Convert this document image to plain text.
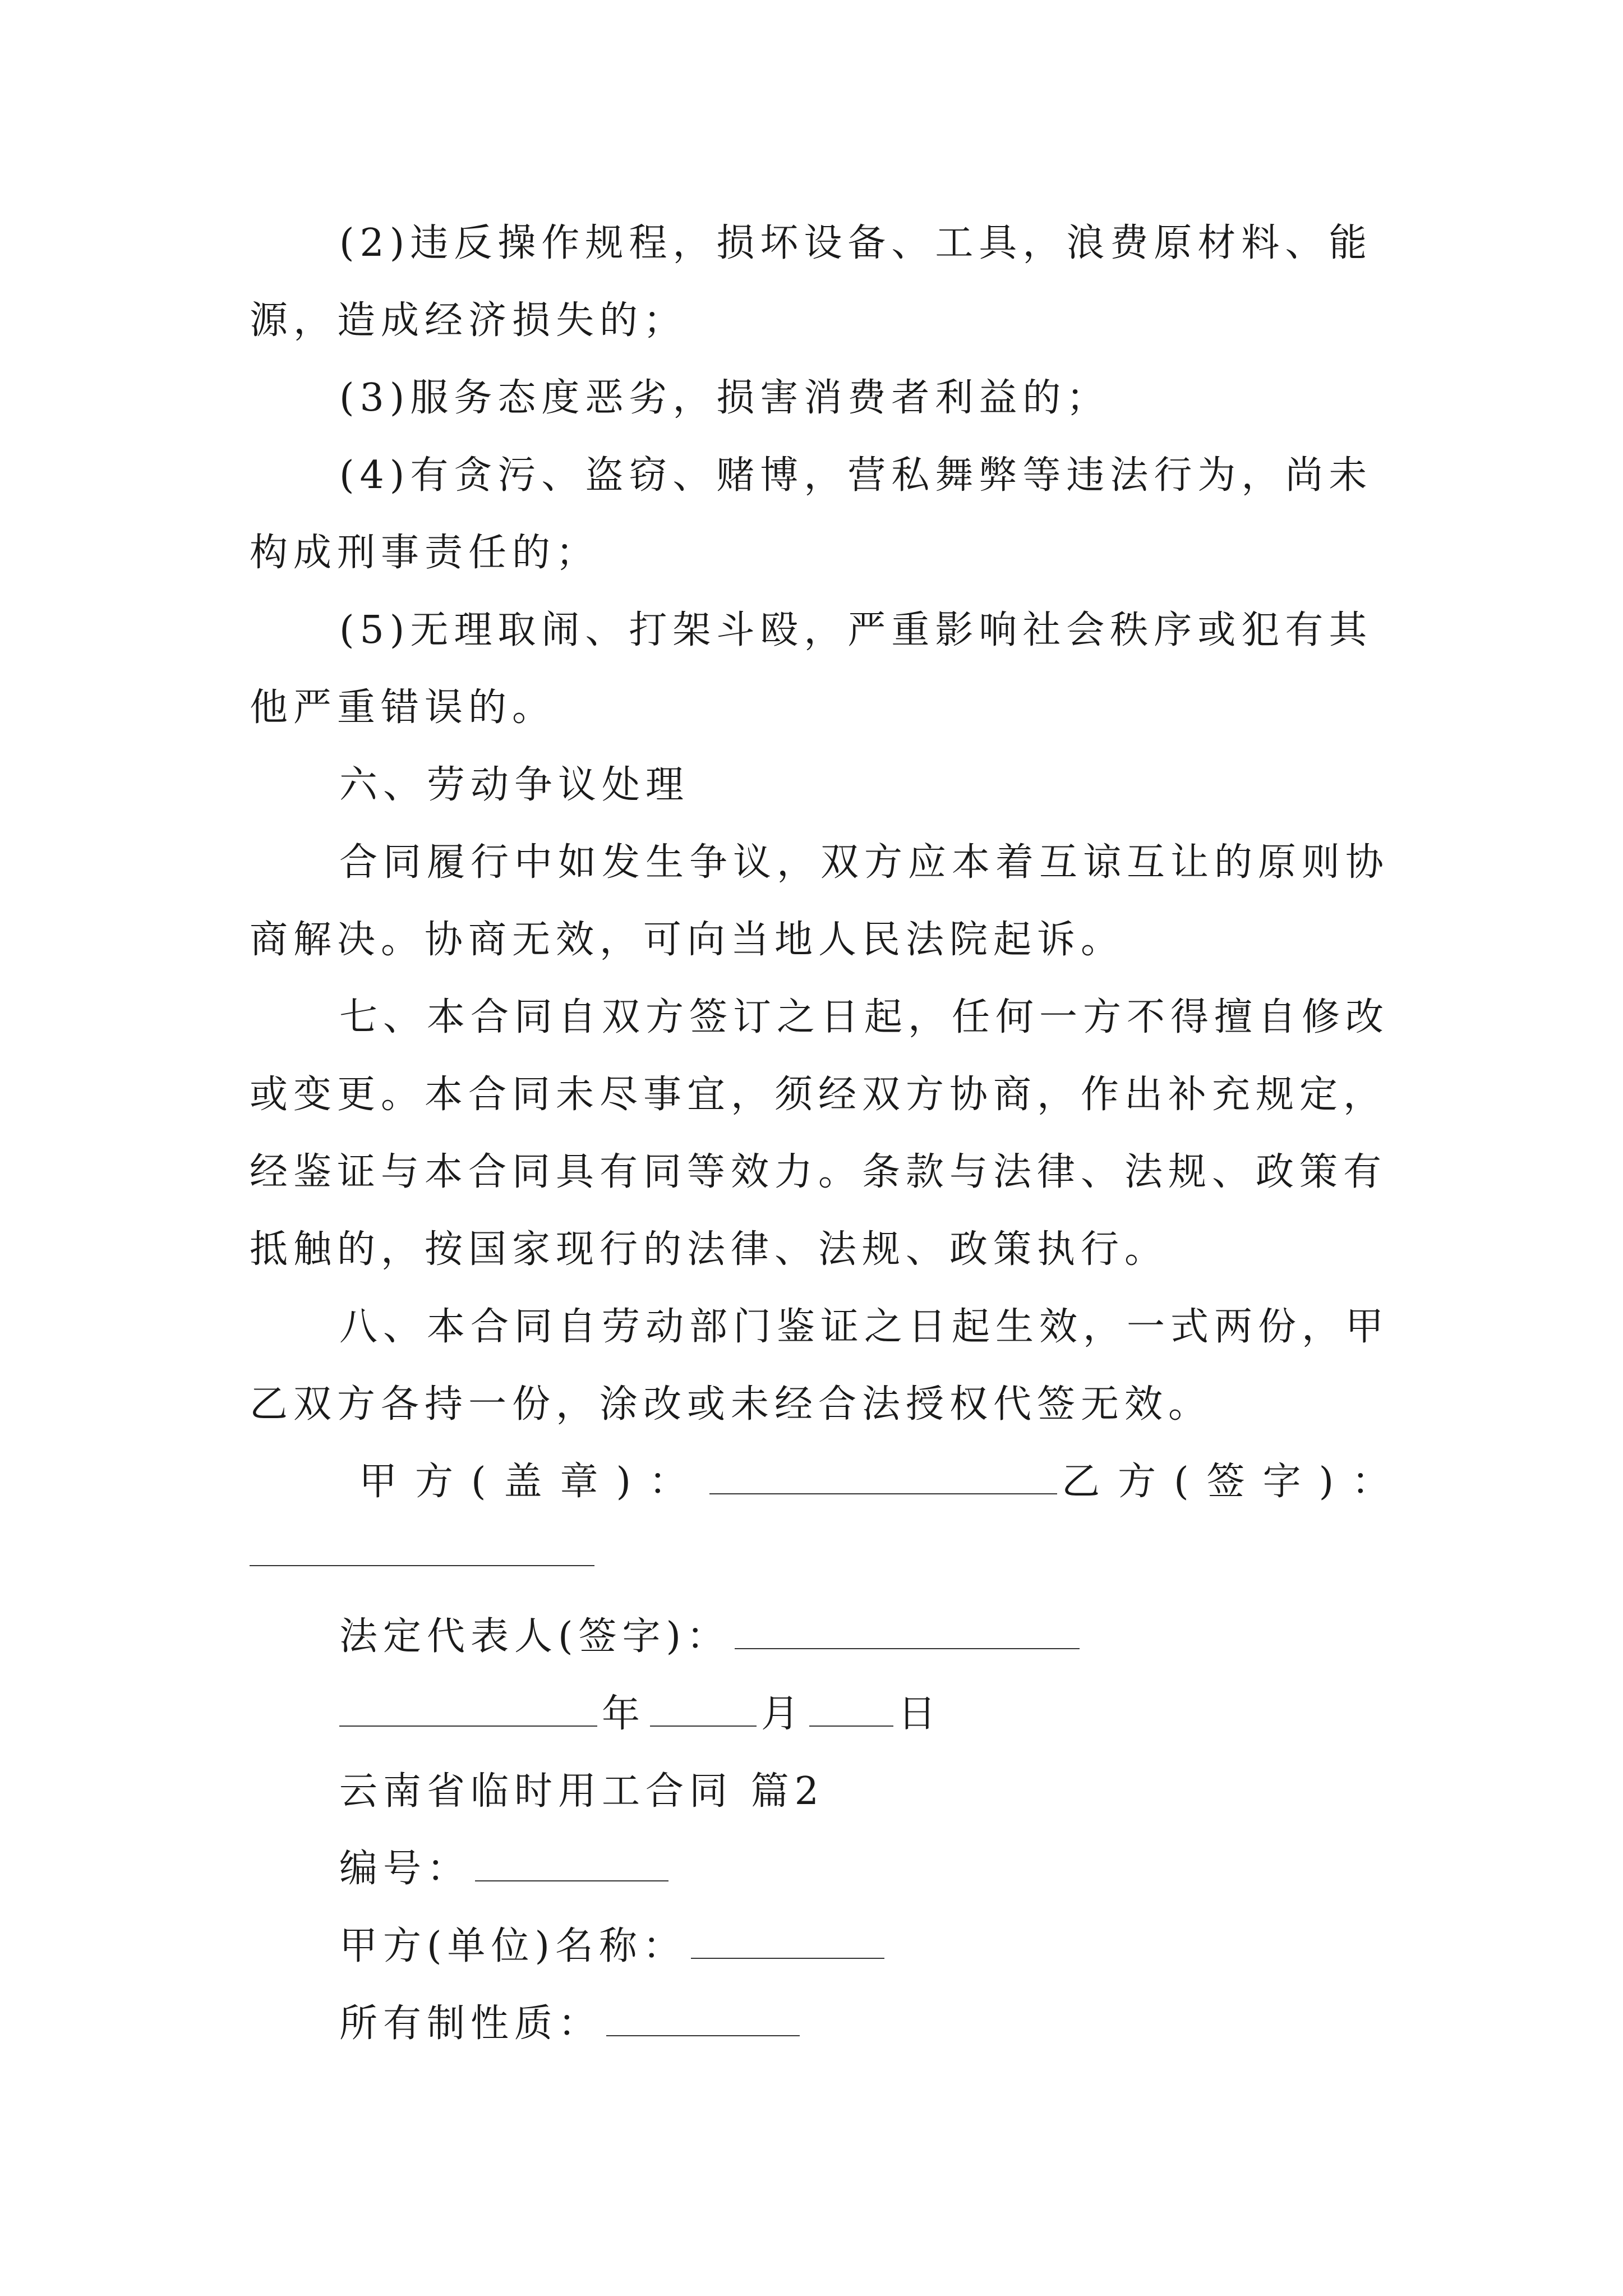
(2)违反操作规程，损坏设备、工具，浪费原材料、能
源，造成经济损失的；
(3)服务态度恶劣，损害消费者利益的；
(4)有贪污、盗窃、赌博，营私舞弊等违法行为，尚未
构成刑事责任的；
(5)无理取闹、打架斗殴，严重影响社会秩序或犯有其
他严重错误的。
六、劳动争议处理
合同履行中如发生争议，双方应本着互谅互让的原则协
商解决。协商无效，可向当地人民法院起诉。
七、本合同自双方签订之日起，任何一方不得擅自修改
或变更。本合同未尽事宜，须经双方协商，作出补充规定，
经鉴证与本合同具有同等效力。条款与法律、法规、政策有
抵触的，按国家现行的法律、法规、政策执行。
八、本合同自劳动部门鉴证之日起生效，一式两份，甲
乙双方各持一份，涂改或未经合法授权代签无效。
甲方(盖章)：	乙方(签字)：
法定代表人(签字)：
年	月 日
云南省临时用工合同 篇2
编号：
甲方(单位)名称：
所有制性质：
